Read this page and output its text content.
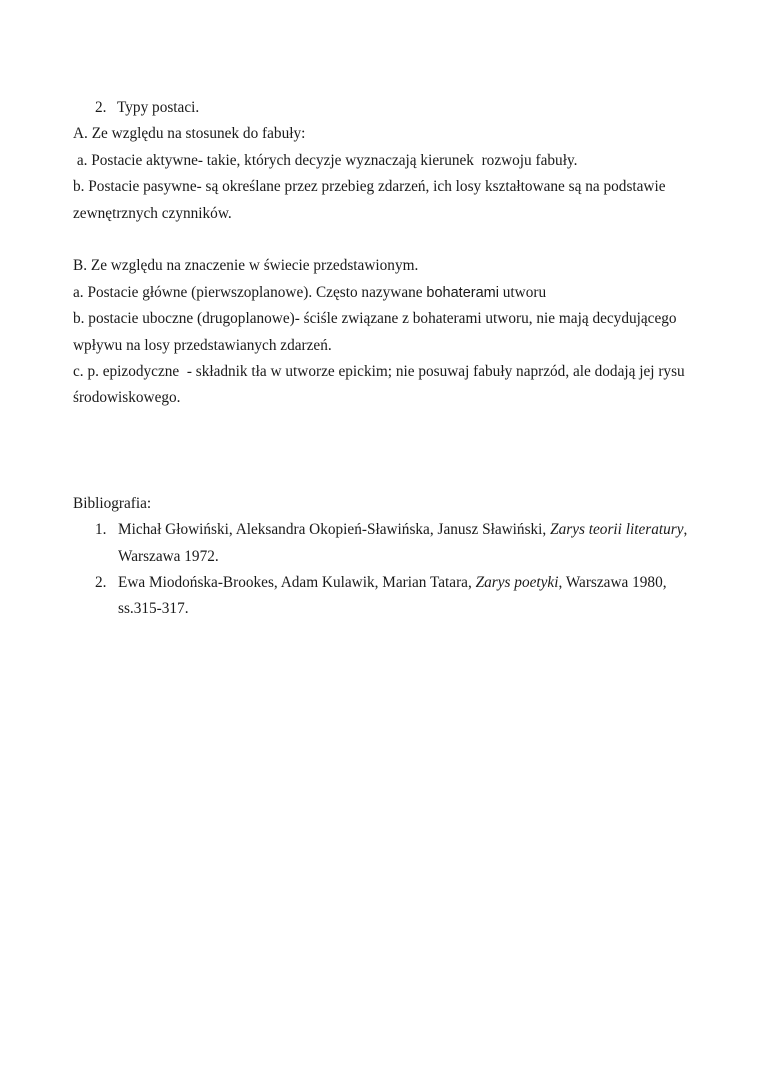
2. Typy postaci.
A. Ze względu na stosunek do fabuły:
a. Postacie aktywne- takie, których decyzje wyznaczają kierunek  rozwoju fabuły.
b. Postacie pasywne- są określane przez przebieg zdarzeń, ich losy kształtowane są na podstawie
zewnętrznych czynników.
B. Ze względu na znaczenie w świecie przedstawionym.
a. Postacie główne (pierwszoplanowe). Często nazywane bohaterami utworu
b. postacie uboczne (drugoplanowe)- ściśle związane z bohaterami utworu, nie mają decydującego
wpływu na losy przedstawianych zdarzeń.
c. p. epizodyczne  - składnik tła w utworze epickim; nie posuwaj fabuły naprzód, ale dodają jej rysu
środowiskowego.
Bibliografia:
1. Michał Głowiński, Aleksandra Okopień-Sławińska, Janusz Sławiński, Zarys teorii literatury, Warszawa 1972.
2. Ewa Miodońska-Brookes, Adam Kulawik, Marian Tatara, Zarys poetyki, Warszawa 1980, ss.315-317.
